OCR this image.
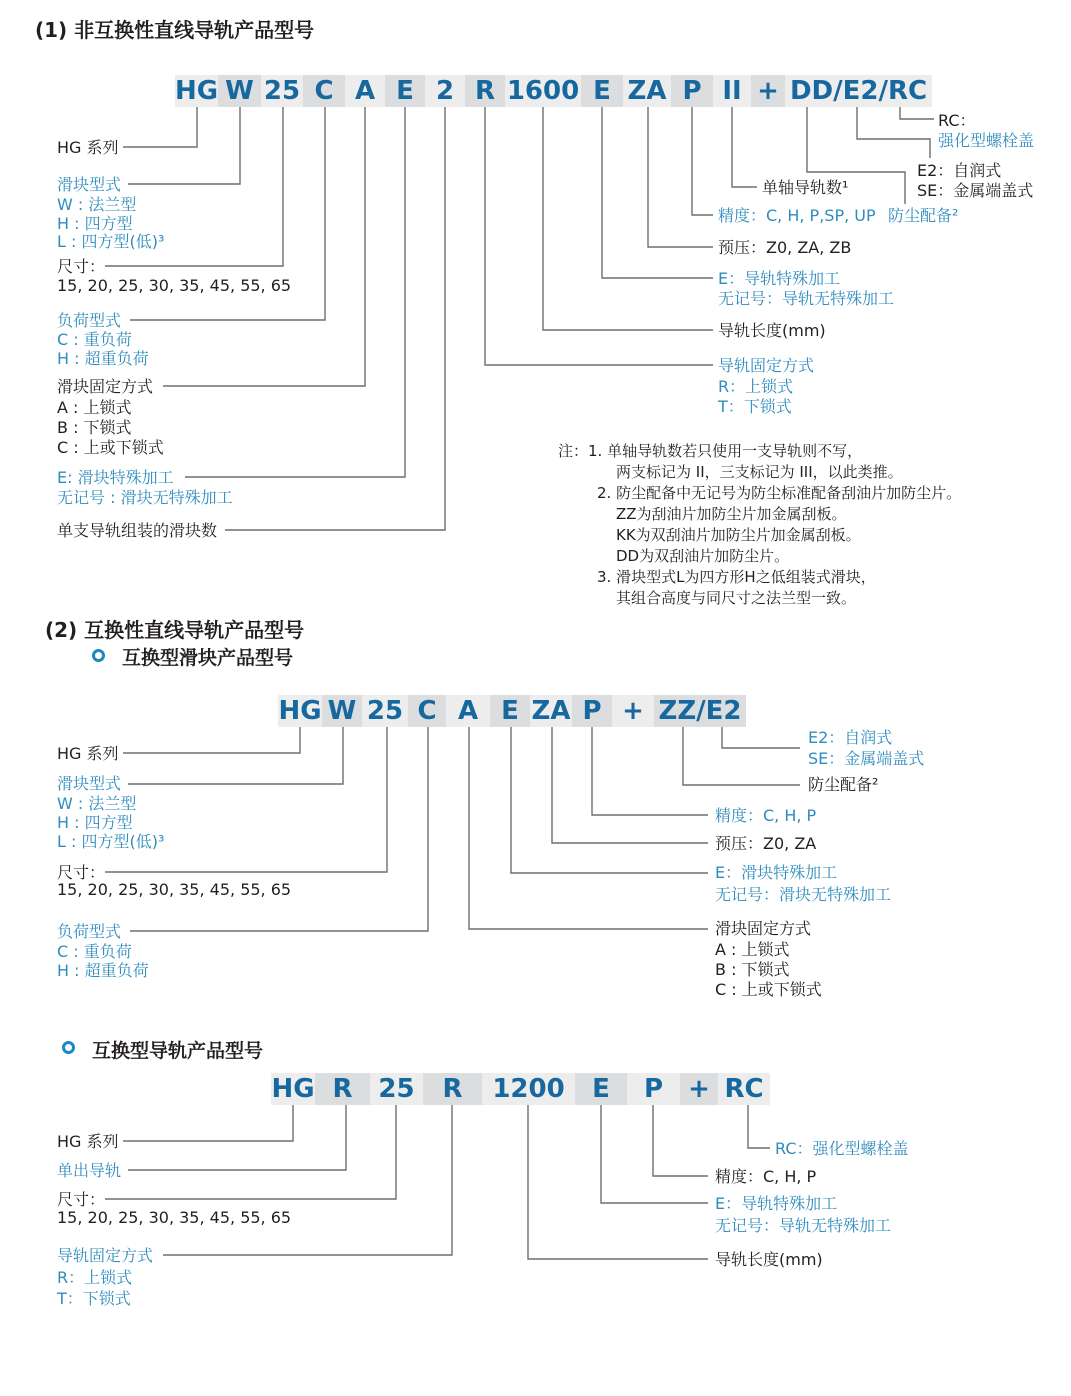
(1) 非互换性直线导轨产品型号
HG W 25 C A E 2 R 1600 E ZA P II + DD/E2/RC
HG 系列
滑块型式
W : 法兰型
H : 四方型
L : 四方型(低)³
尺寸：
15, 20, 25, 30, 35, 45, 55, 65
负荷型式
C : 重负荷
H : 超重负荷
滑块固定方式
A : 上锁式
B : 下锁式
C : 上或下锁式
E: 滑块特殊加工
无记号 : 滑块无特殊加工
单支导轨组装的滑块数
RC：
强化型螺栓盖
E2：自润式
SE：金属端盖式
防尘配备²
单轴导轨数¹
精度：C, H, P,SP, UP
预压：Z0, ZA, ZB
E：导轨特殊加工
无记号：导轨无特殊加工
导轨长度(mm)
导轨固定方式
R：上锁式
T：下锁式
注：1. 单轴导轨数若只使用一支导轨则不写，
两支标记为 II，三支标记为 III，以此类推。
2. 防尘配备中无记号为防尘标准配备刮油片加防尘片。
ZZ为刮油片加防尘片加金属刮板。
KK为双刮油片加防尘片加金属刮板。
DD为双刮油片加防尘片。
3. 滑块型式L为四方形H之低组装式滑块，
其组合高度与同尺寸之法兰型一致。
(2) 互换性直线导轨产品型号
互换型滑块产品型号
HG W 25 C A E ZA P + ZZ/E2
HG 系列
滑块型式
W : 法兰型
H : 四方型
L : 四方型(低)³
尺寸：
15, 20, 25, 30, 35, 45, 55, 65
负荷型式
C : 重负荷
H : 超重负荷
E2：自润式
SE：金属端盖式
防尘配备²
精度：C, H, P
预压：Z0, ZA
E：滑块特殊加工
无记号：滑块无特殊加工
滑块固定方式
A : 上锁式
B : 下锁式
C : 上或下锁式
互换型导轨产品型号
HG R 25	R	1200	E	P + RC
HG 系列
单出导轨
尺寸：
15, 20, 25, 30, 35, 45, 55, 65
导轨固定方式
R：上锁式
T：下锁式
RC：强化型螺栓盖
精度：C, H, P
E：导轨特殊加工
无记号：导轨无特殊加工
导轨长度(mm)
